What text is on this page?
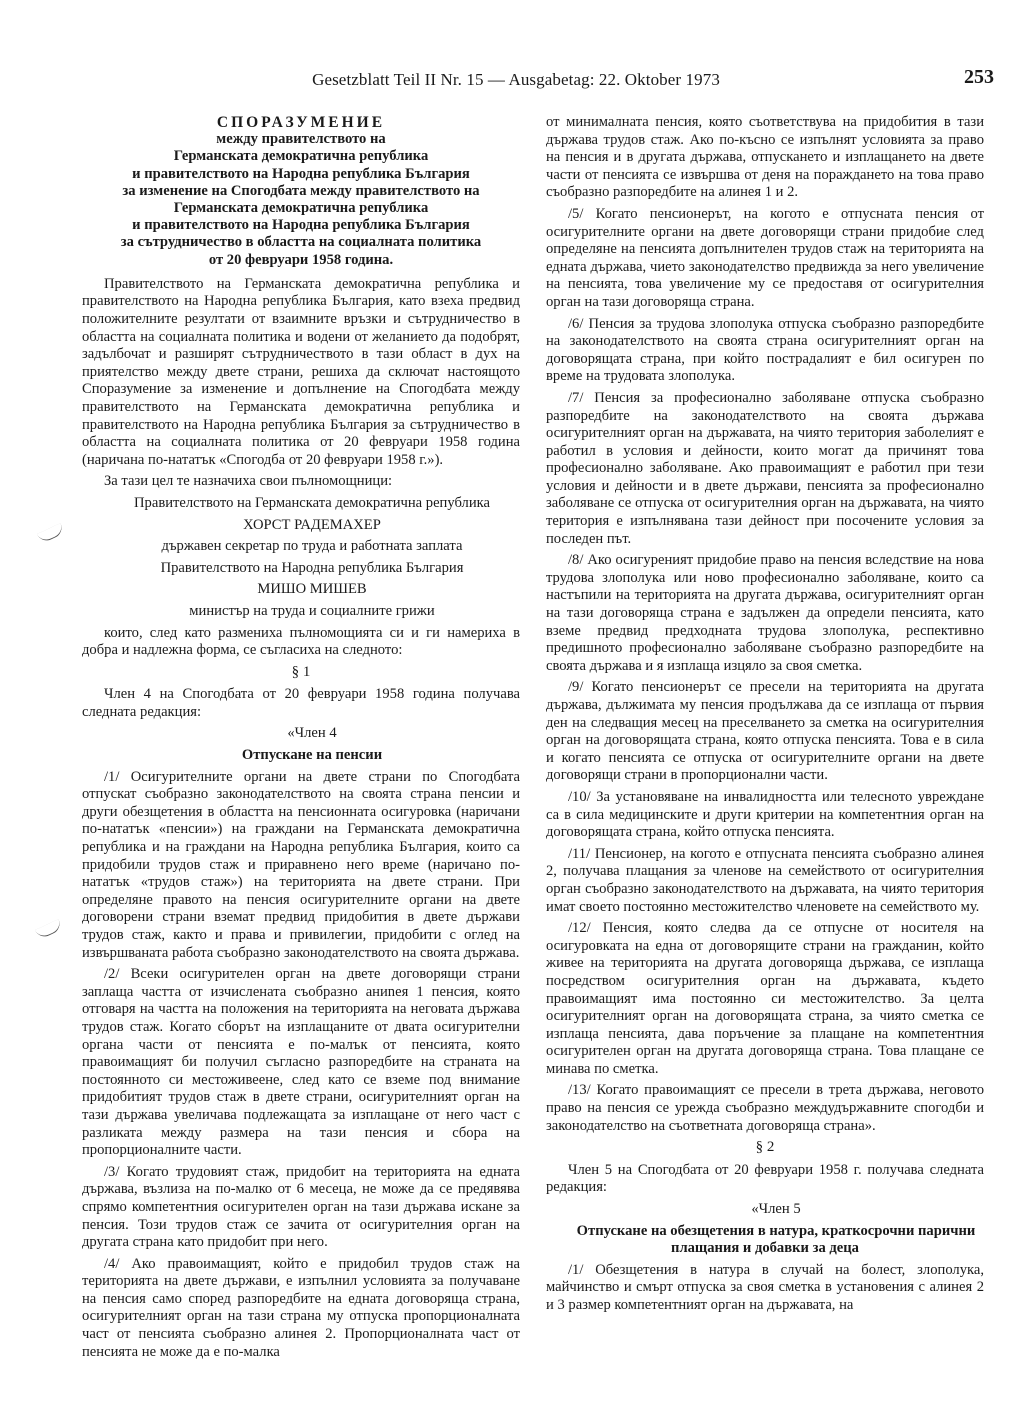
Gesetzblatt Teil II Nr. 15 — Ausgabetag: 22. Oktober 1973	253
СПОРАЗУМЕНИЕ
между правителството на
Германската демократична република
и правителството на Народна република България
за изменение на Спогодбата между правителството на
Германската демократична република
и правителството на Народна република България
за сътрудничество в областта на социалната политика
от 20 февруари 1958 година.

Правителството на Германската демократична република и правителството на Народна република България, като взеха предвид положителните резултати от взаимните връзки и сътрудничество в областта на социалната политика и водени от желанието да подобрят, задълбочат и разширят сътрудничеството в тази област в дух на приятелство между двете страни, решиха да сключат настоящото Споразумение за изменение и допълнение на Спогодбата между правителството на Германската демократична република и правителството на Народна република България за сътрудничество в областта на социалната политика от 20 февруари 1958 година (наричана по-нататък «Спогодба от 20 февруари 1958 г.»).

За тази цел те назначиха свои пълномощници:

Правителството на Германската демократична република

ХОРСТ РАДЕМАХЕР

държавен секретар по труда и работната заплата

Правителството на Народна република България

МИШО МИШЕВ

министър на труда и социалните грижи

които, след като размениха пълномощията си и ги намериха в добра и надлежна форма, се съгласиха на следното:

§ 1

Член 4 на Спогодбата от 20 февруари 1958 година получава следната редакция:

«Член 4

Отпускане на пенсии

/1/ Осигурителните органи на двете страни по Спогодбата отпускат съобразно законодателството на своята страна пенсии и други обезщетения в областта на пенсионната осигуровка (наричани по-нататък «пенсии») на граждани на Германската демократична република и на граждани на Народна република България, които са придобили трудов стаж и приравнено него време (наричано по-нататък «трудов стаж») на територията на двете страни. При определяне правото на пенсия осигурителните органи на двете договорени страни вземат предвид придобития в двете държави трудов стаж, както и права и привилегии, придобити с оглед на извършваната работа съобразно законодателството на своята държава.

/2/ Всеки осигурителен орган на двете договорящи страни заплаща частта от изчислената съобразно аниnея 1 пенсия, която отговаря на частта на положения на територията на неговата държава трудов стаж. Когато сборът на изплащаните от двата осигурителни органа части от пенсията е по-малък от пенсията, която правоимащият би получил съгласно разпоредбите на страната на постоянното си местоживеене, след като се вземе под внимание придобитият трудов стаж в двете страни, осигурителният орган на тази държава увеличава подлежащата за изплащане от него част с разликата между размера на тази пенсия и сбора на пропорционалните части.

/3/ Когато трудовият стаж, придобит на територията на едната държава, възлиза на по-малко от 6 месеца, не може да се предявява спрямо компетентния осигурителен орган на тази държава искане за пенсия. Този трудов стаж се зачита от осигурителния орган на другата страна като придобит при него.

/4/ Ако правоимащият, който е придобил трудов стаж на територията на двете държави, е изпълнил условията за получаване на пенсия само според разпоредбите на едната договоряща страна, осигурителният орган на тази страна му отпуска пропорционалната част от пенсията съобразно алинея 2. Пропорционалната част от пенсията не може да е по-малка

от минималната пенсия, която съответствува на придобития в тази държава трудов стаж. Ако по-късно се изпълнят условията за право на пенсия и в другата държава, отпускането и изплащането на двете части от пенсията се извършва от деня на пораждането на това право съобразно разпоредбите на алинея 1 и 2.

/5/ Когато пенсионерът, на когото е отпусната пенсия от осигурителните органи на двете договорящи страни придобие след определяне на пенсията допълнителен трудов стаж на територията на едната държава, чието законодателство предвижда за него увеличение на пенсията, това увеличение му се предоставя от осигурителния орган на тази договоряща страна.

/6/ Пенсия за трудова злополука отпуска съобразно разпоредбите на законодателството на своята страна осигурителният орган на договорящата страна, при който пострадалият е бил осигурен по време на трудовата злополука.

/7/ Пенсия за професионално заболяване отпуска съобразно разпоредбите на законодателството на своята държава осигурителният орган на държавата, на чиято територия заболелият е работил в условия и дейности, които могат да причинят това професионално заболяване. Ако правоимащият е работил при тези условия и дейности и в двете държави, пенсията за професионално заболяване се отпуска от осигурителния орган на държавата, на чиято територия е изпълнявана тази дейност при посочените условия за последен път.

/8/ Ако осигуреният придобие право на пенсия вследствие на нова трудова злополука или ново професионално заболяване, които са настъпили на територията на другата държава, осигурителният орган на тази договоряща страна е задължен да определи пенсията, като вземе предвид предходната трудова злополука, респективно предишното професионално заболяване съобразно разпоредбите на своята държава и я изплаща изцяло за своя сметка.

/9/ Когато пенсионерът се пресели на територията на другата държава, дължимата му пенсия продължава да се изплаща от първия ден на следващия месец на преселването за сметка на осигурителния орган на договорящата страна, която отпуска пенсията. Това е в сила и когато пенсията се отпуска от осигурителните органи на двете договорящи страни в пропорционални части.

/10/ За установяване на инвалидността или телесното увреждане са в сила медицинските и други критерии на компетентния орган на договорящата страна, който отпуска пенсията.

/11/ Пенсионер, на когото е отпусната пенсията съобразно алинея 2, получава плащания за членове на семейството от осигурителния орган съобразно законодателството на държавата, на чиято територия имат своето постоянно местожителство членовете на семейството му.

/12/ Пенсия, която следва да се отпусне от носителя на осигуровката на една от договорящите страни на гражданин, който живее на територията на другата договоряща държава, се изплаща посредством осигурителния орган на държавата, където правоимащият има постоянно си местожителство. За целта осигурителният орган на договорящата страна, за чиято сметка се изплаща пенсията, дава поръчение за плащане на компетентния осигурителен орган на другата договоряща страна. Това плащане се минава по сметка.

/13/ Когато правоимащият се пресели в трета държава, неговото право на пенсия се урежда съобразно междудържавните спогодби и законодателство на съответната договоряща страна».

§ 2

Член 5 на Спогодбата от 20 февруари 1958 г. получава следната редакция:

«Член 5

Отпускане на обезщетения в натура, краткосрочни парични плащания и добавки за деца

/1/ Обезщетения в натура в случай на болест, злополука, майчинство и смърт отпуска за своя сметка в установения с алинея 2 и 3 размер компетентният орган на държавата, на
